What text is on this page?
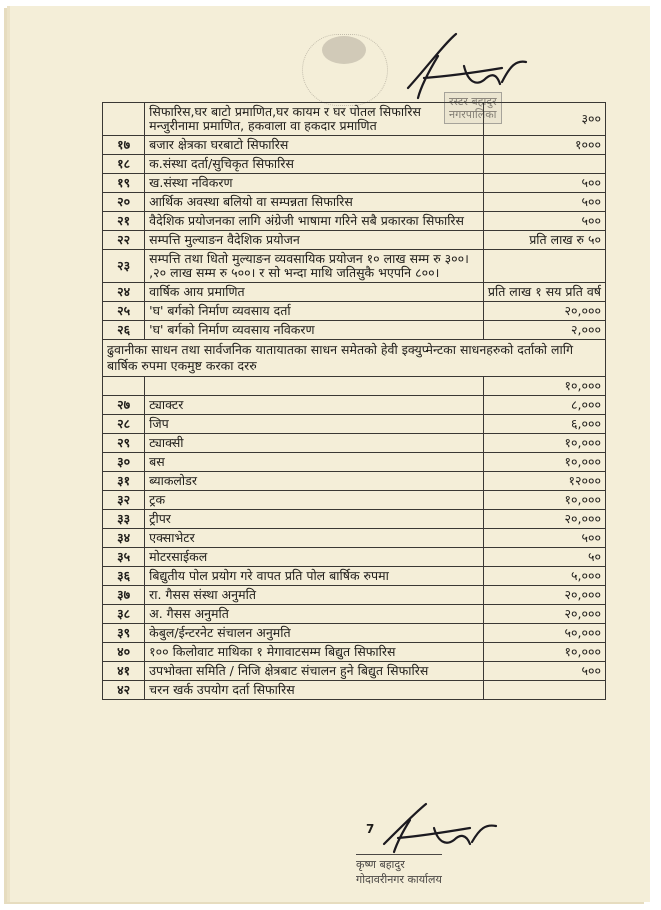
रस्टर बहादुर
नगरपालिका

	सिफारिस,घर बाटो प्रमाणित,घर कायम र घर पोतल सिफारिस
मन्जुरीनामा प्रमाणित, हकवाला वा हकदार प्रमाणित	३००
१७	बजार क्षेत्रका घरबाटो सिफारिस	१०००
१८	क.संस्था दर्ता/सुचिकृत सिफारिस	

१९	ख.संस्था नविकरण	५००
२०	आर्थिक अवस्था बलियो वा सम्पन्नता सिफारिस	५००
२१	वैदेशिक प्रयोजनका लागि अंग्रेजी भाषामा गरिने सबै प्रकारका सिफारिस	५००
२२	सम्पत्ति मुल्याङन वैदेशिक प्रयोजन	प्रति लाख रु ५०
२३	सम्पत्ति तथा धितो मुल्याङन व्यवसायिक प्रयोजन १० लाख सम्म रु ३००।
,२० लाख सम्म रु ५००। र सो भन्दा माथि जतिसुकै भएपनि ८००।	

२४	वार्षिक आय प्रमाणित	प्रति लाख १ सय प्रति वर्ष
२५	'घ' बर्गको निर्माण व्यवसाय दर्ता	२०,०००
२६	'घ' बर्गको निर्माण व्यवसाय नविकरण	२,०००
ढुवानीका साधन तथा सार्वजनिक यातायातका साधन समेतको हेवी इक्युप्मेन्टका साधनहरुको दर्ताको लागि बार्षिक रुपमा एकमुष्ट करका दररु		

	१०,०००
२७	ट्याक्टर	८,०००
२८	जिप	६,०००
२९	ट्याक्सी	१०,०००
३०	बस	१०,०००
३१	ब्याकलोडर	१२०००
३२	ट्रक	१०,०००
३३	ट्रीपर	२०,०००
३४	एक्साभेटर	५००
३५	मोटरसाईकल	५०
३६	बिद्युतीय पोल प्रयोग गरे वापत प्रति पोल बार्षिक रुपमा	५,०००
३७	रा. गैसस संस्था अनुमति	२०,०००
३८	अ. गैसस अनुमति	२०,०००
३९	केबुल/ईन्टरनेट संचालन अनुमति	५०,०००
४०	१०० किलोवाट माथिका १ मेगावाटसम्म बिद्युत सिफारिस	१०,०००
४१	उपभोक्ता समिति / निजि क्षेत्रबाट संचालन हुने बिद्युत सिफारिस	५००
४२	चरन खर्क उपयोग दर्ता सिफारिस	

7
कृष्ण बहादुर
गोदावरीनगर कार्यालय
